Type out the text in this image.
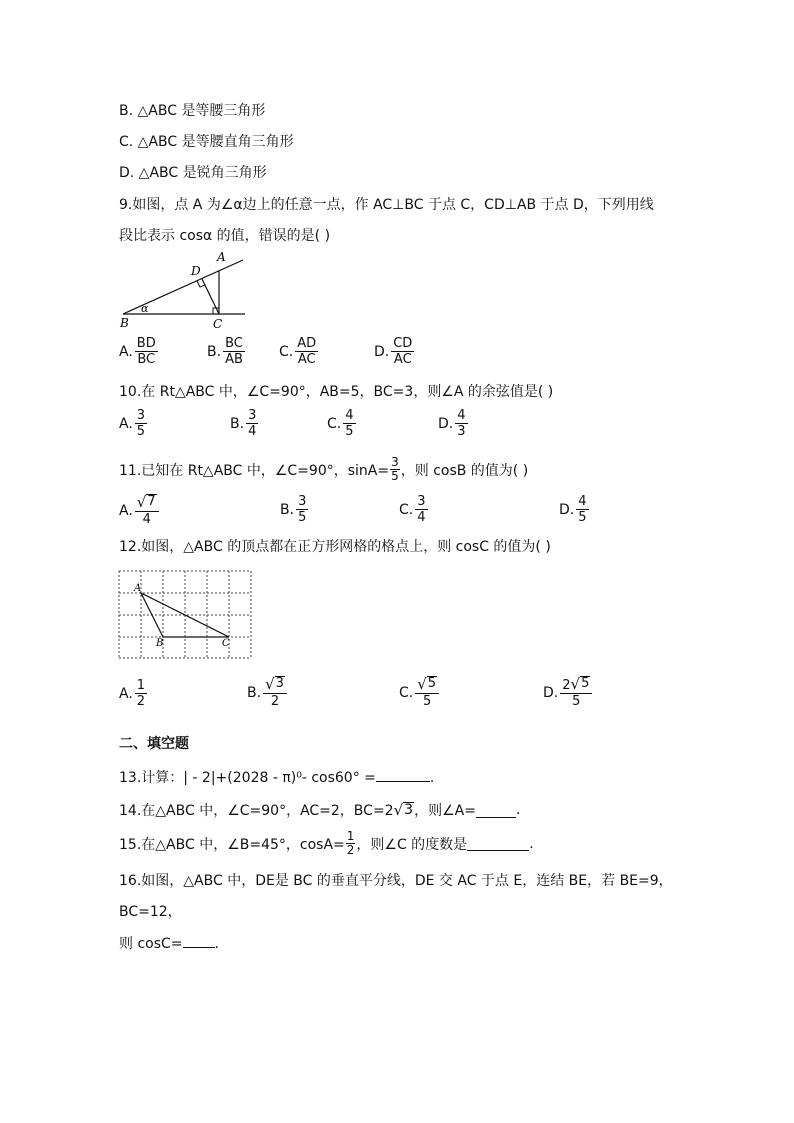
B. △ABC 是等腰三角形
C. △ABC 是等腰直角三角形
D. △ABC 是锐角三角形
9.如图，点 A 为∠α边上的任意一点，作 AC⊥BC 于点 C，CD⊥AB 于点 D，下列用线
段比表示 cosα 的值，错误的是( )
A
B	C
D
α
A. BD
BC	B. BC
AB	C. AD
AC	D. CD
AC
10.在 Rt△ABC 中，∠C=90°，AB=5，BC=3，则∠A 的余弦值是( )
A. 3
5	B. 3
4	C. 4
5	D. 4
3
11.已知在 Rt△ABC 中，∠C=90°，$\sin A= \frac{3}{5}$ ，则 cosB 的值为( )
A. √ 7
4
B. 3
5	C. 3
4	D. 4
5
12.如图，△ABC 的顶点都在正方形网格的格点上，则 cosC 的值为( )
A
B	C
A. 1
2
B. √ 3
2
C. √ 5
5
D. 2 √ 5
5
二、填空题
13.计算：| - 2|+(2028 - π)⁰- cos60° =	.
14.在△ABC 中，∠C=90°，AC=2，BC=2 √ 3 ，则∠A=	.
15.在△ABC 中，∠B=45°，$\cos A= \frac{1}{2}$ ，则∠C 的度数是	.
16.如图，△ABC 中，DE是 BC 的垂直平分线，DE 交 AC 于点 E，连结 BE，若 BE=9，
BC=12，
则 cosC= .
